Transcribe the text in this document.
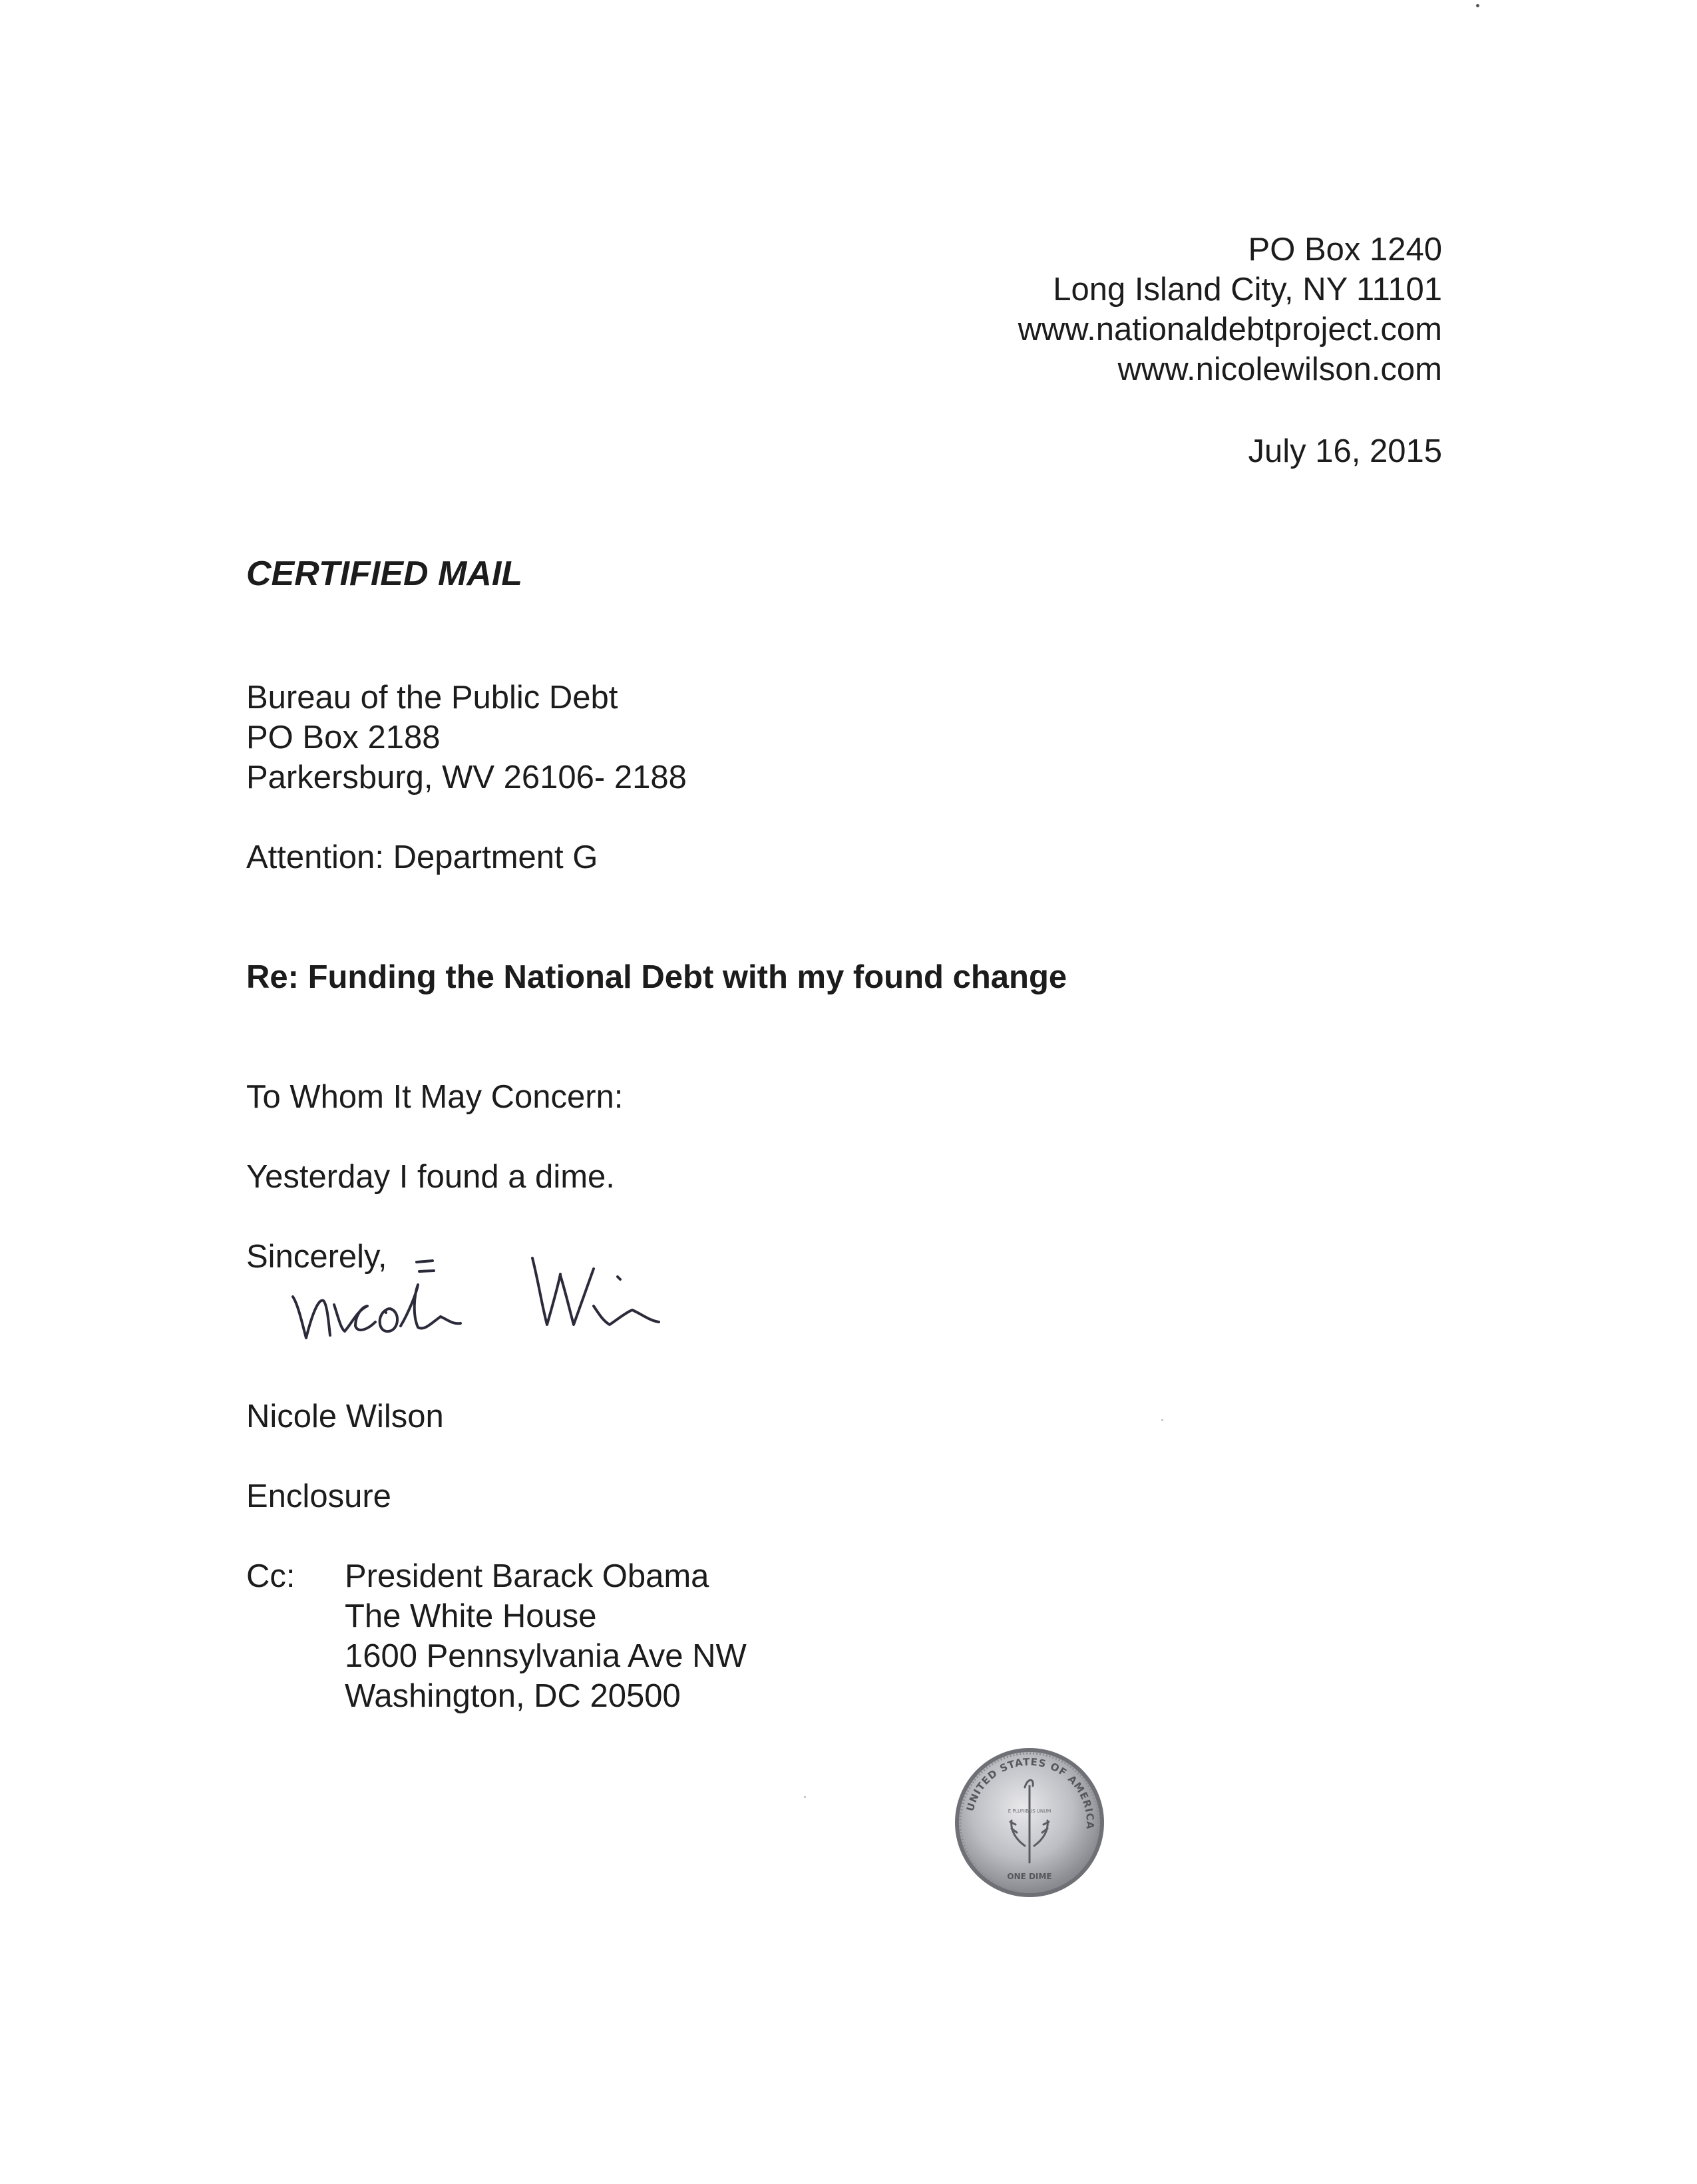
PO Box 1240
Long Island City, NY 11101
www.nationaldebtproject.com
www.nicolewilson.com
July 16, 2015
CERTIFIED MAIL
Bureau of the Public Debt
PO Box 2188
Parkersburg, WV 26106- 2188
Attention: Department G
Re: Funding the National Debt with my found change
To Whom It May Concern:
Yesterday I found a dime.
Sincerely,
Nicole Wilson
Enclosure
Cc: President Barack Obama
The White House
1600 Pennsylvania Ave NW
Washington, DC 20500
UNITED STATES OF AMERICA
ONE DIME
E PLURIBUS UNUM
